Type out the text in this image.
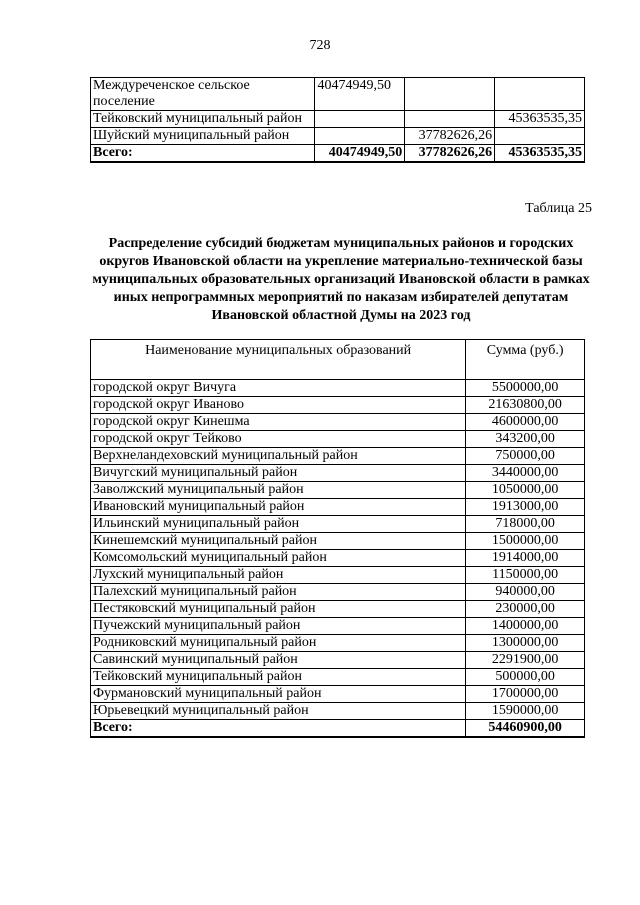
728
Междуреченское сельское поселение	40474949,50		
Тейковский муниципальный район			45363535,35
Шуйский муниципальный район		37782626,26	
Всего:	40474949,50	37782626,26	45363535,35
Таблица 25
Распределение субсидий бюджетам муниципальных районов и городских округов Ивановской области на укрепление материально-технической базы муниципальных образовательных организаций Ивановской области в рамках иных непрограммных мероприятий по наказам избирателей депутатам Ивановской областной Думы на 2023 год
Наименование муниципальных образований	Сумма (руб.)
городской округ Вичуга	5500000,00
городской округ Иваново	21630800,00
городской округ Кинешма	4600000,00
городской округ Тейково	343200,00
Верхнеландеховский муниципальный район	750000,00
Вичугский муниципальный район	3440000,00
Заволжский муниципальный район	1050000,00
Ивановский муниципальный район	1913000,00
Ильинский муниципальный район	718000,00
Кинешемский муниципальный район	1500000,00
Комсомольский муниципальный район	1914000,00
Лухский муниципальный район	1150000,00
Палехский муниципальный район	940000,00
Пестяковский муниципальный район	230000,00
Пучежский муниципальный район	1400000,00
Родниковский муниципальный район	1300000,00
Савинский муниципальный район	2291900,00
Тейковский муниципальный район	500000,00
Фурмановский муниципальный район	1700000,00
Юрьевецкий муниципальный район	1590000,00
Всего:	54460900,00
